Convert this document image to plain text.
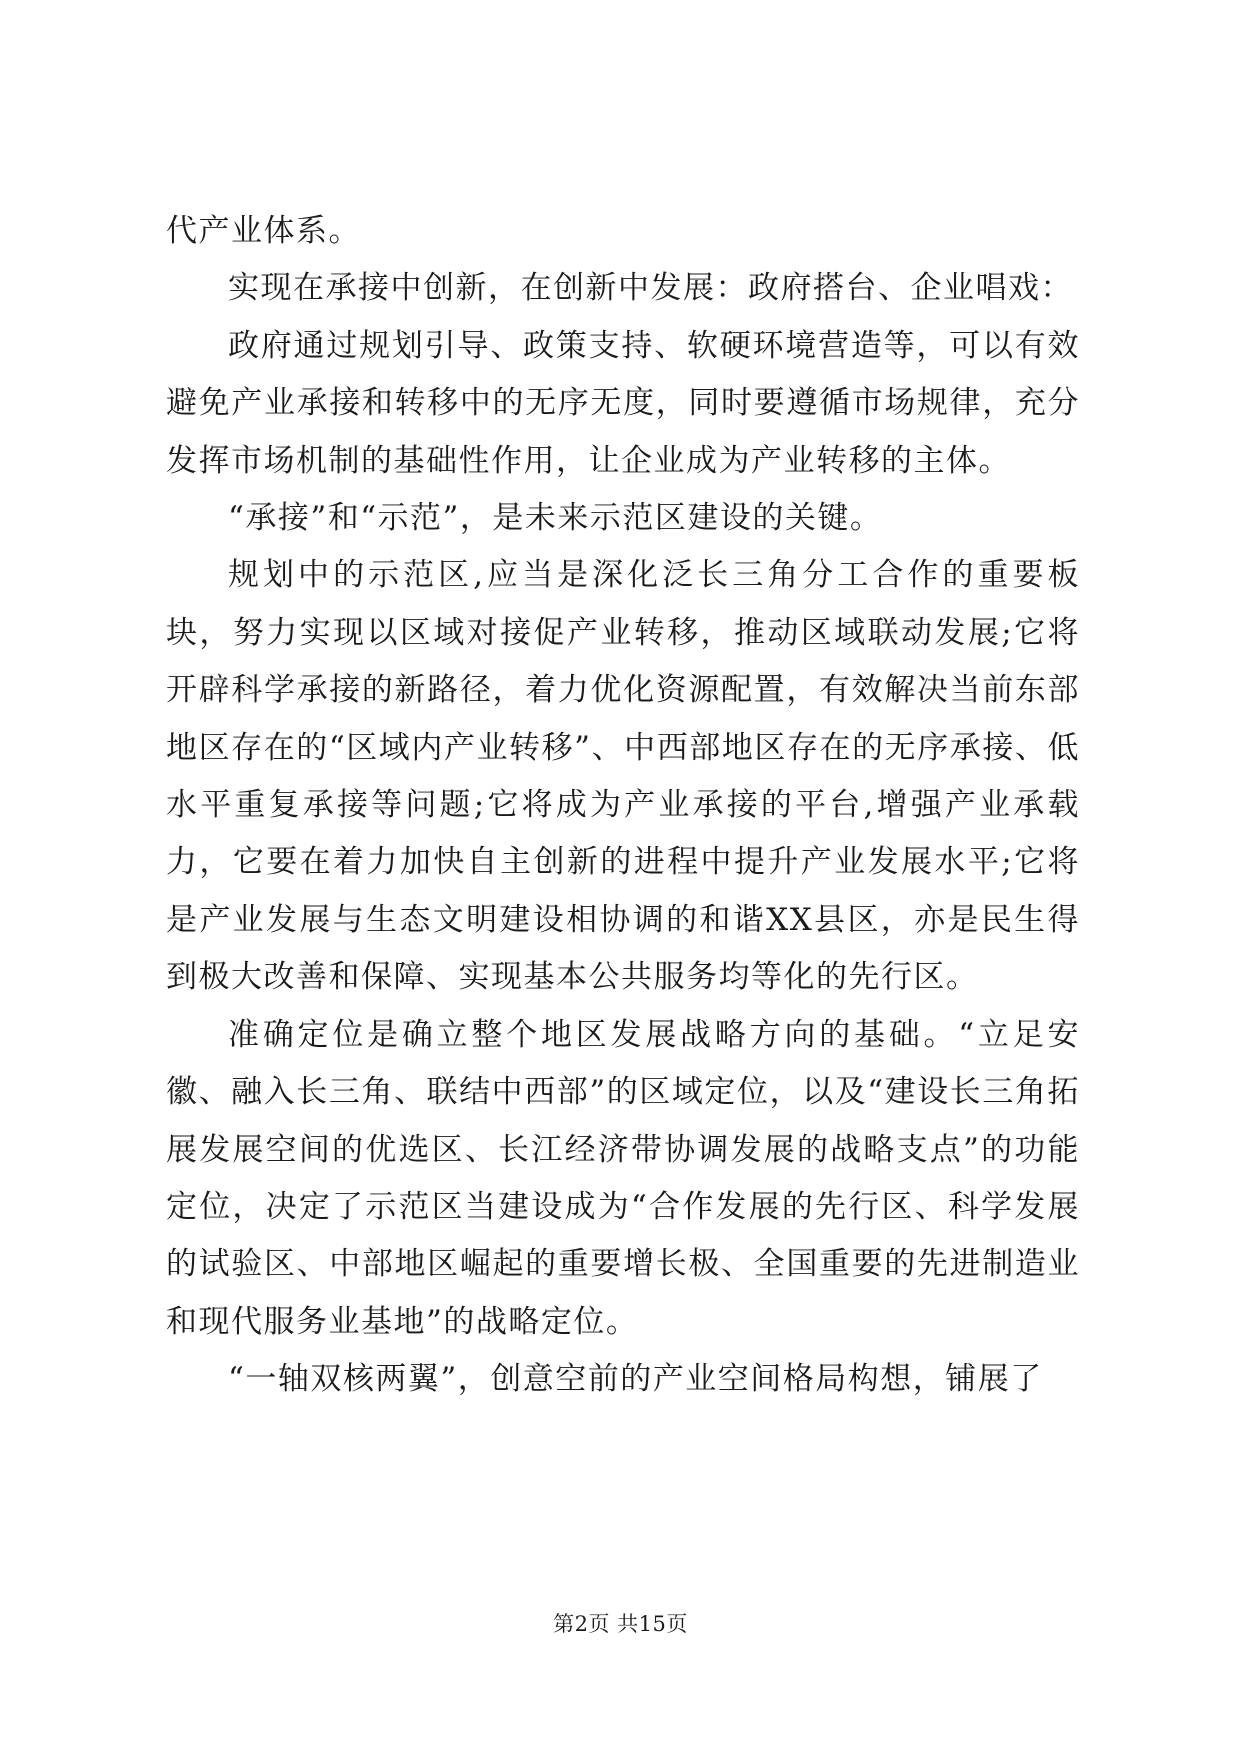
代产业体系。

实现在承接中创新，在创新中发展：政府搭台、企业唱戏：

政府通过规划引导、政策支持、软硬环境营造等，可以有效避免产业承接和转移中的无序无度，同时要遵循市场规律，充分发挥市场机制的基础性作用，让企业成为产业转移的主体。

“承接”和“示范”，是未来示范区建设的关键。

规划中的示范区,应当是深化泛长三角分工合作的重要板块，努力实现以区域对接促产业转移，推动区域联动发展;它将开辟科学承接的新路径，着力优化资源配置，有效解决当前东部地区存在的“区域内产业转移”、中西部地区存在的无序承接、低水平重复承接等问题;它将成为产业承接的平台,增强产业承载力，它要在着力加快自主创新的进程中提升产业发展水平;它将是产业发展与生态文明建设相协调的和谐XX县区，亦是民生得到极大改善和保障、实现基本公共服务均等化的先行区。

准确定位是确立整个地区发展战略方向的基础。“立足安徽、融入长三角、联结中西部”的区域定位，以及“建设长三角拓展发展空间的优选区、长江经济带协调发展的战略支点”的功能定位，决定了示范区当建设成为“合作发展的先行区、科学发展的试验区、中部地区崛起的重要增长极、全国重要的先进制造业和现代服务业基地”的战略定位。

“一轴双核两翼”，创意空前的产业空间格局构想，铺展了

第2页 共15页
